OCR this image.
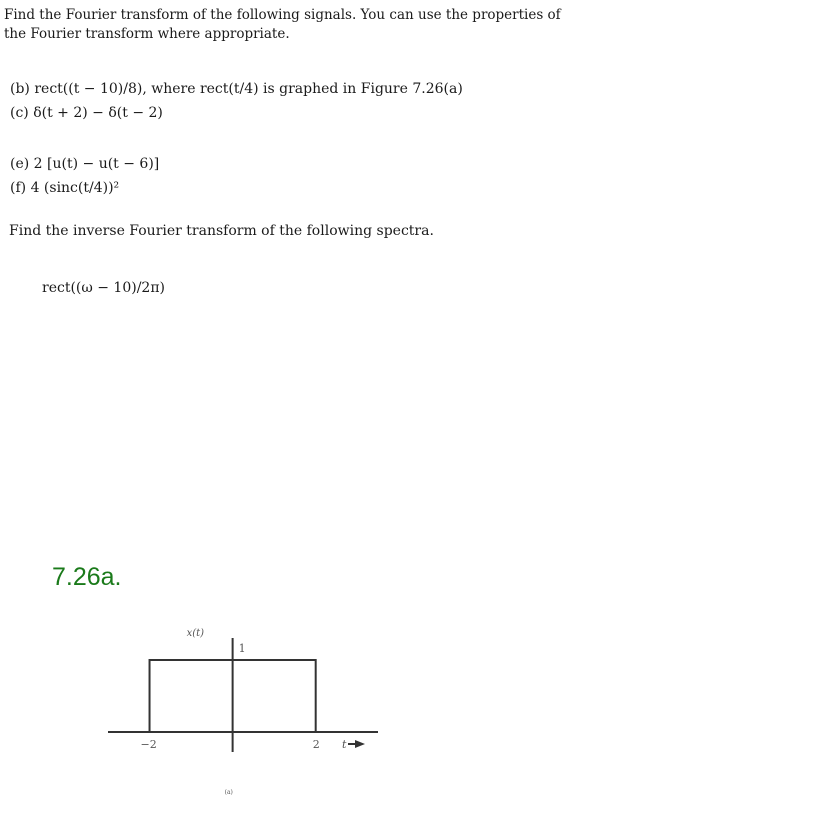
Find the Fourier transform of the following signals. You can use the properties of
the Fourier transform where appropriate.
(b) rect((t − 10)/8), where rect(t/4) is graphed in Figure 7.26(a)
(c) δ(t + 2) − δ(t − 2)
(e) 2 [u(t) − u(t − 6)]
(f) 4 (sinc(t/4))²
Find the inverse Fourier transform of the following spectra.
rect((ω − 10)/2π)
7.26a.
x(t)
1
−2	2 t
(a)
